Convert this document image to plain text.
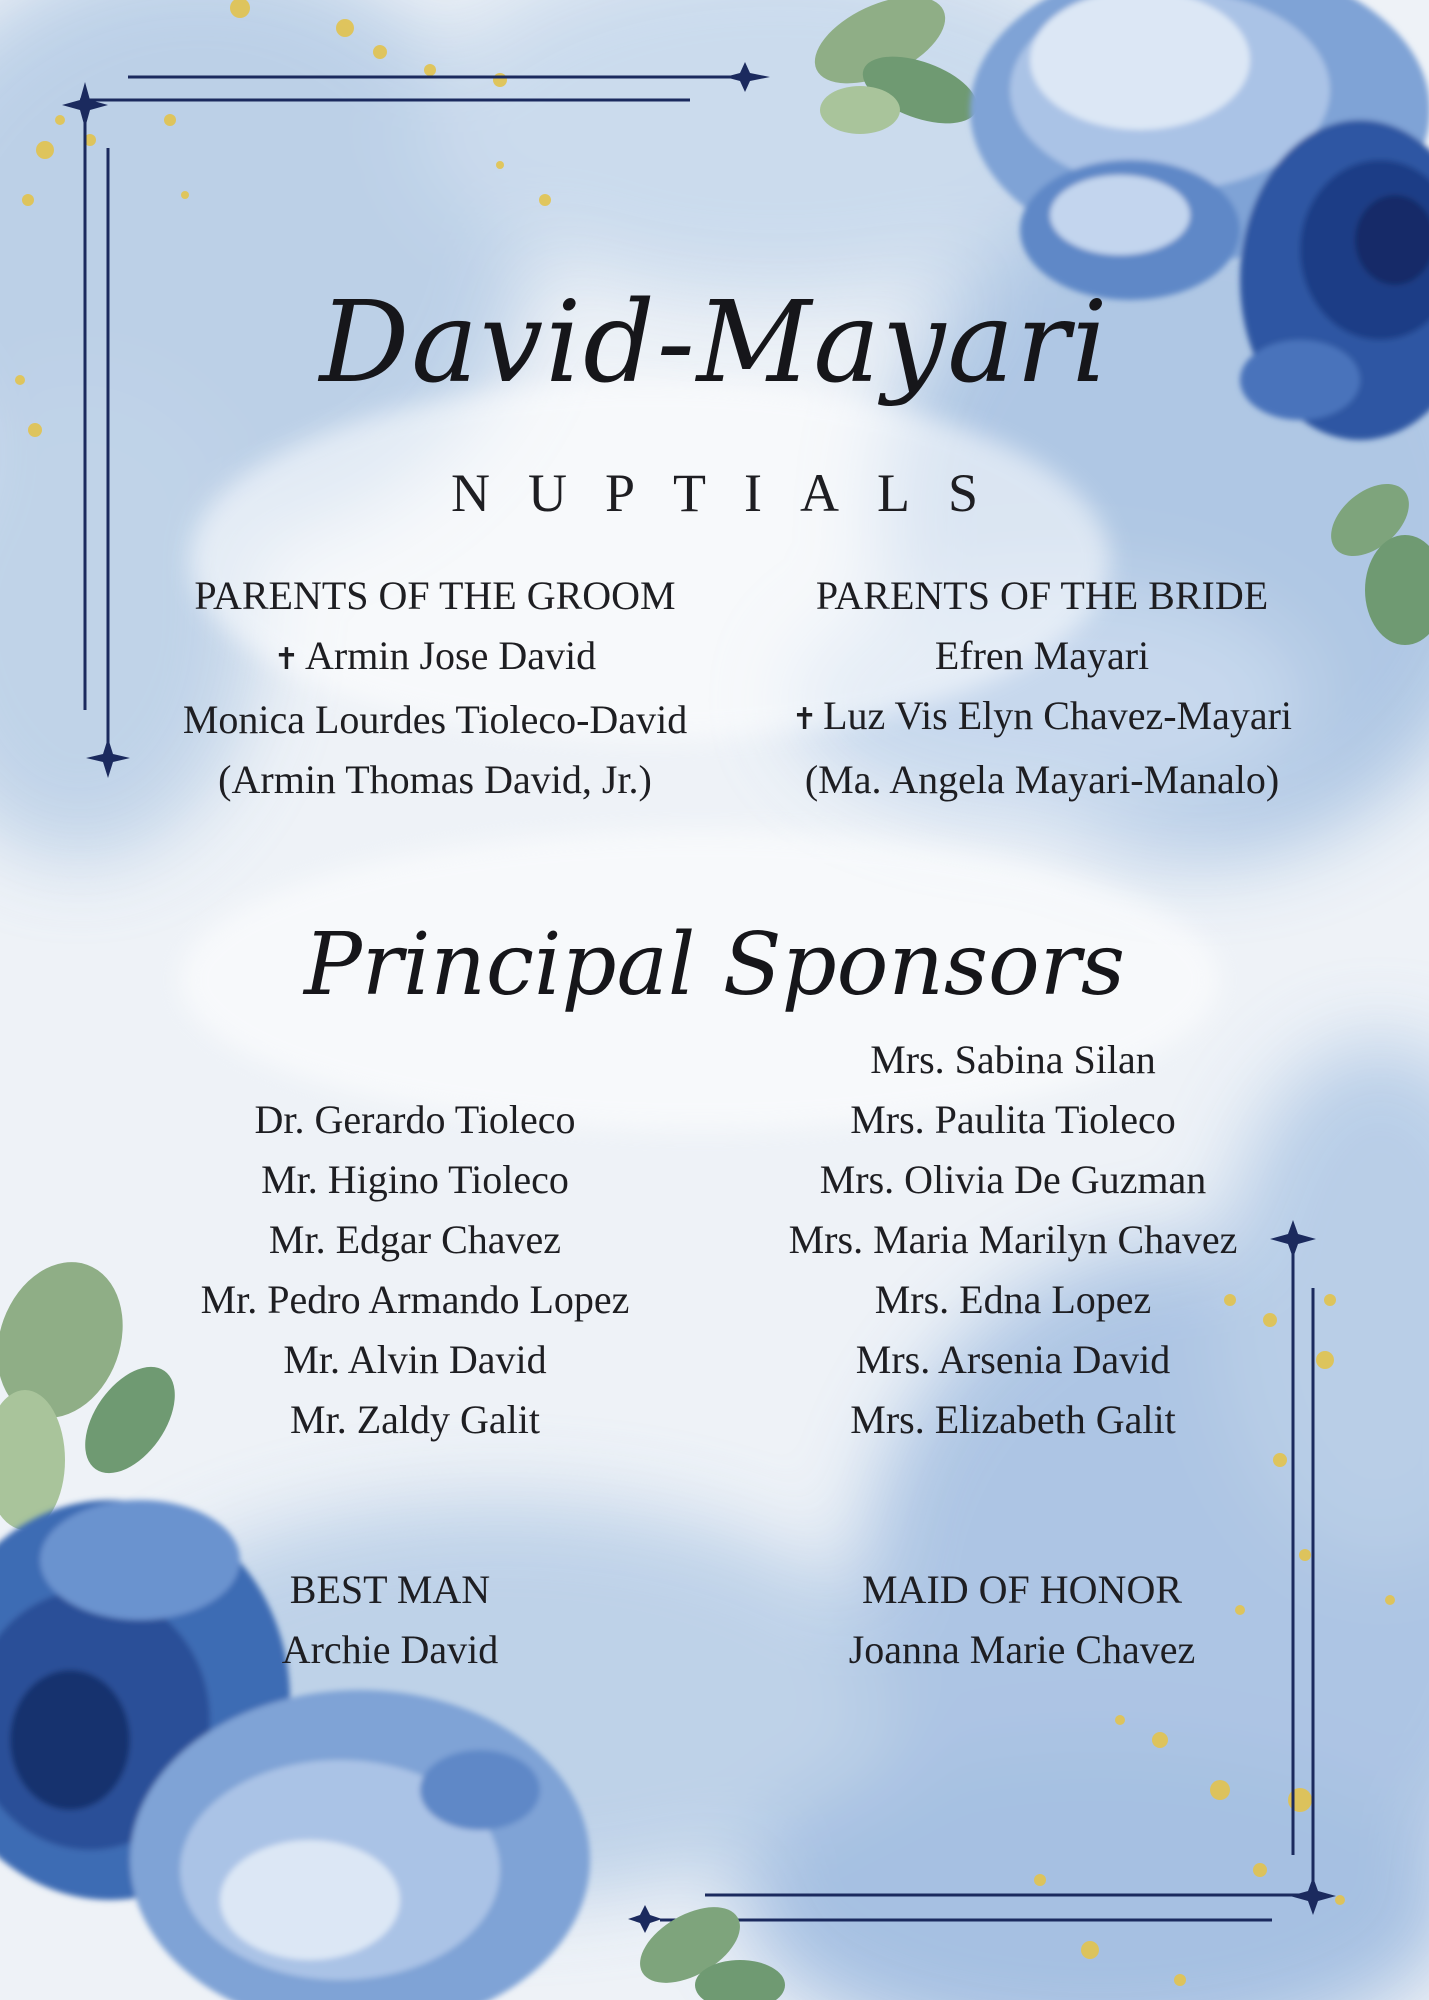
David-Mayari
NUPTIALS
PARENTS OF THE GROOM
✝ Armin Jose David
Monica Lourdes Tioleco-David
(Armin Thomas David, Jr.)
PARENTS OF THE BRIDE
Efren Mayari
✝ Luz Vis Elyn Chavez-Mayari
(Ma. Angela Mayari-Manalo)
Principal Sponsors
Dr. Gerardo Tioleco
Mr. Higino Tioleco
Mr. Edgar Chavez
Mr. Pedro Armando Lopez
Mr. Alvin David
Mr. Zaldy Galit
Mrs. Sabina Silan
Mrs. Paulita Tioleco
Mrs. Olivia De Guzman
Mrs. Maria Marilyn Chavez
Mrs. Edna Lopez
Mrs. Arsenia David
Mrs. Elizabeth Galit
BEST MAN
Archie David
MAID OF HONOR
Joanna Marie Chavez
